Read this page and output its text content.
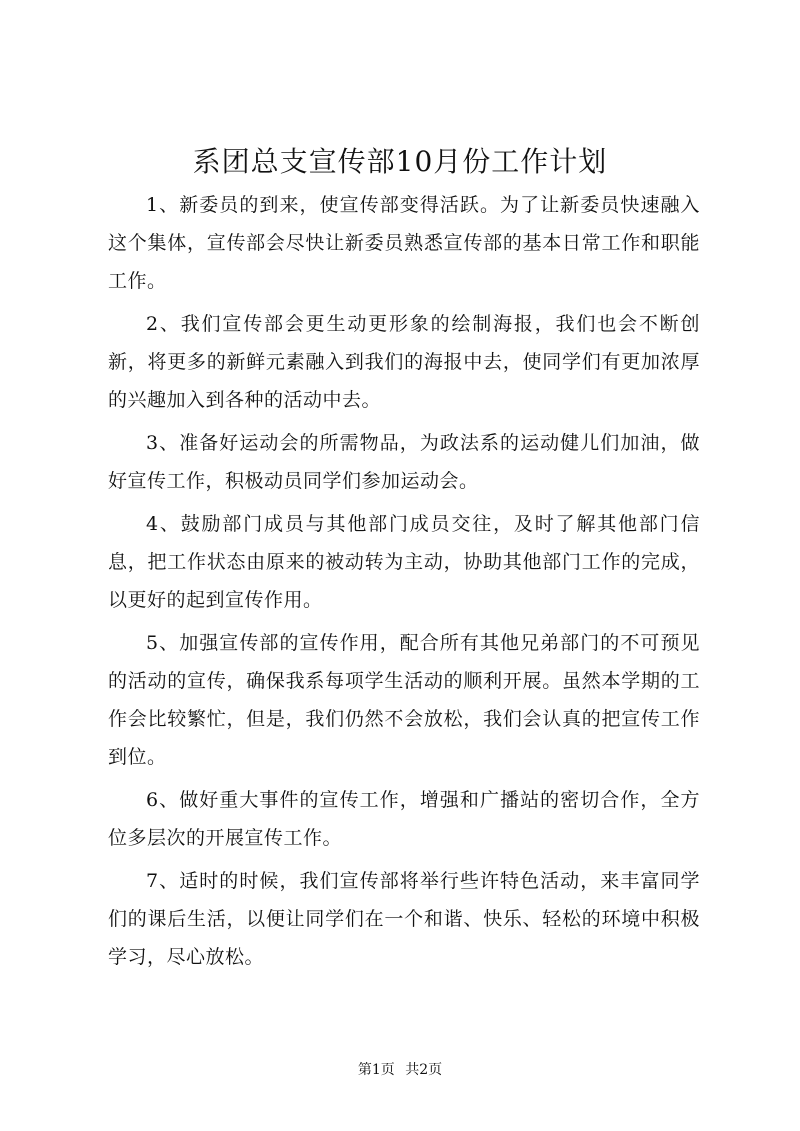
系团总支宣传部10月份工作计划

1、新委员的到来，使宣传部变得活跃。为了让新委员快速融入这个集体，宣传部会尽快让新委员熟悉宣传部的基本日常工作和职能工作。

2、我们宣传部会更生动更形象的绘制海报，我们也会不断创新，将更多的新鲜元素融入到我们的海报中去，使同学们有更加浓厚的兴趣加入到各种的活动中去。

3、准备好运动会的所需物品，为政法系的运动健儿们加油，做好宣传工作，积极动员同学们参加运动会。

4、鼓励部门成员与其他部门成员交往，及时了解其他部门信息，把工作状态由原来的被动转为主动，协助其他部门工作的完成，以更好的起到宣传作用。

5、加强宣传部的宣传作用，配合所有其他兄弟部门的不可预见的活动的宣传，确保我系每项学生活动的顺利开展。虽然本学期的工作会比较繁忙，但是，我们仍然不会放松，我们会认真的把宣传工作到位。

6、做好重大事件的宣传工作，增强和广播站的密切合作，全方位多层次的开展宣传工作。

7、适时的时候，我们宣传部将举行些许特色活动，来丰富同学们的课后生活，以便让同学们在一个和谐、快乐、轻松的环境中积极学习，尽心放松。

第1页 共2页
